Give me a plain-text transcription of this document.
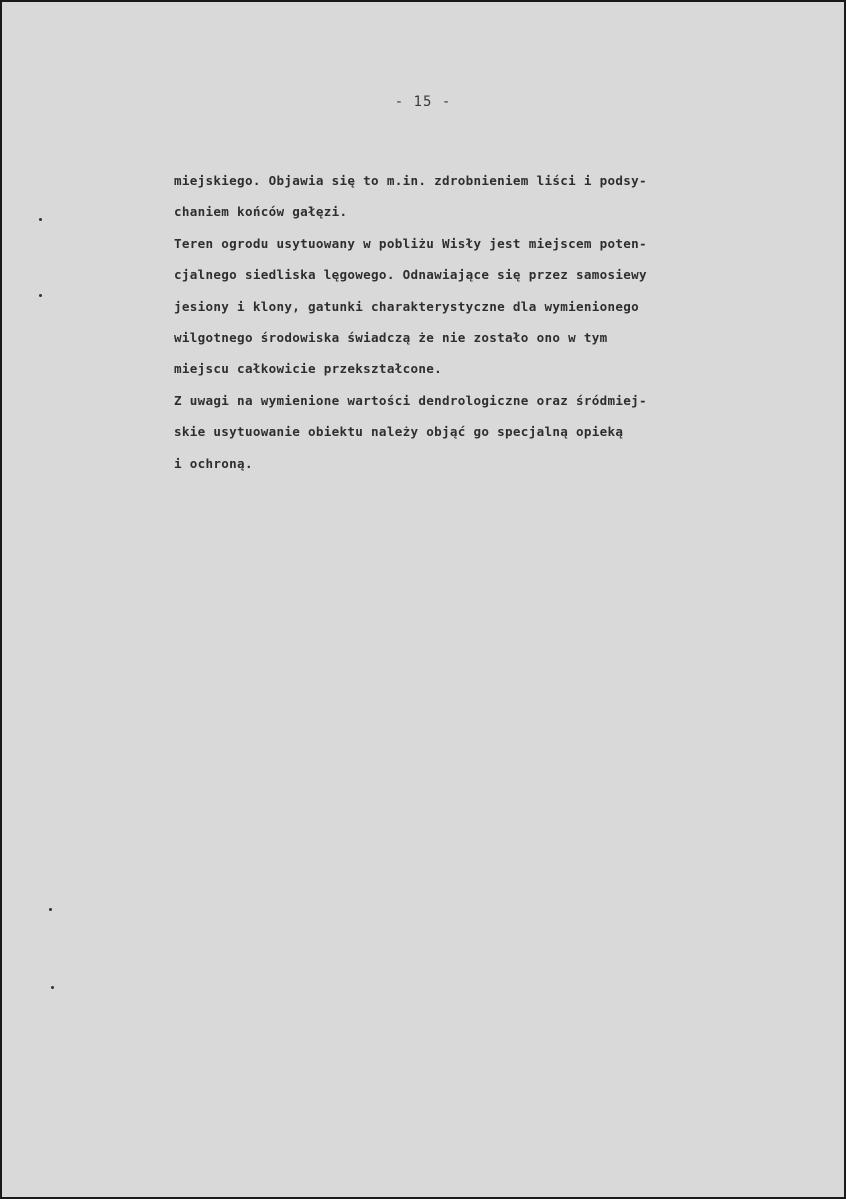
- 15 -
miejskiego. Objawia się to m.in. zdrobnieniem liści i podsy-
chaniem końców gałęzi.
Teren ogrodu usytuowany w pobliżu Wisły jest miejscem poten-
cjalnego siedliska lęgowego. Odnawiające się przez samosiewy
jesiony i klony, gatunki charakterystyczne dla wymienionego
wilgotnego środowiska świadczą że nie zostało ono w tym
miejscu całkowicie przekształcone.
Z uwagi na wymienione wartości dendrologiczne oraz śródmiej-
skie usytuowanie obiektu należy objąć go specjalną opieką
i ochroną.
